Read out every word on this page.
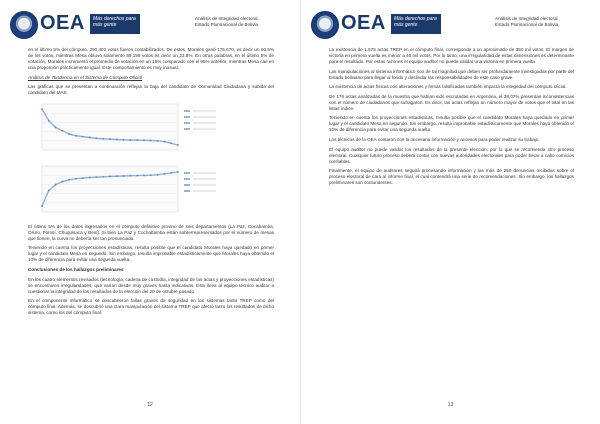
OEA	Más derechos para más gente
Análisis de Integridad electoral
Estado Plurinacional de Bolivia

en el último 5% del cómputo, 290,402 votos fueron contabilizados. De estos, Morales ganó 175,670, es decir un 60.5% de los votos, mientras Mesa obtuvo solamente 69,199 votos es decir un 23.8%. En otras palabras, en el último 5% de votación, Morales incrementó el promedio de votación en un 15% comparado con el 95% anterior, mientras Mesa cae en una proporción prácticamente igual. Este comportamiento es muy inusual.

Análisis de Tendencia en el Sistema de Cómputo Oficial

Las gráficas que se presentan a continuación reflejan la baja del candidato de Comunidad Ciudadana y subida del candidato del MAS.

El último 5% de los datos ingresados en el cómputo definitivo provino de seis departamentos (La Paz, Cocabamba, Oruro, Potosí, Chuquisaca y Beni). Si bien La Paz y Cochabamba están sobrerrepresentados por el número de mesas que tienen, la curva no debería ser tan pronunciada.

Teniendo en cuenta los proyecciones estadísticas, resulta posible que el candidato Morales haya quedado en primer lugar y el candidato Mesa en segundo. Sin embargo, resulta improbable estadísticamente que Morales haya obtenido el 10% de diferencia para evitar una segunda vuelta.

Conclusiones de los hallazgos preliminares

En los cuatro elementos revisados (tecnología, cadena de custodia, integridad de las actas y proyecciones estadísticas) se encontraron irregularidades, que varían desde muy graves hasta indicativas. Esto lleva al equipo técnico auditor a cuestionar la integridad de los resultados de la elección del 20 de octubre pasado.

En el componente informático se descubrieron fallas graves de seguridad en los sistemas tanto TREP como del cómputo final. Además, se descubrió una clara manipulación del sistema TREP que afectó tanto los resultados de dicho sistema, como los del cómputo final.

12
OEA	Más derechos para más gente
Análisis de Integridad electoral
Estado Plurinacional de Bolivia

La existencia de 1.575 actas TREP en el cómputo final, corresponde a un aproximado de 350 mil votos. El margen de victoria en primera vuelta es menor a 40 mil votos. Por lo tanto, una irregularidad de estas dimensiones es determinante para el resultado. Por estas razones el equipo auditor no puede validar una victoria en primera vuelta.

Las manipulaciones al sistema informático son de tal magnitud que deben ser profundamente investigadas por parte del Estado boliviano para llegar al fondo y deslindar las responsabilidades de este caso grave.

La existencia de actas físicas con alteraciones y firmas falsificadas también impacta la integridad del cómputo oficial.

De 176 actas analizadas de la muestra que habían sido escrutadas en Argentina, el 38,07% presentan inconsistencias con el número de ciudadanos que sufragaron. Es decir, las actas reflejan un número mayor de votos que el total en las listas índice.

Teniendo en cuenta los proyecciones estadísticas, resulta posible que el candidato Morales haya quedado en primer lugar y el candidato Mesa en segundo. Sin embargo, resulta improbable estadísticamente que Morales haya obtenido el 10% de diferencia para evitar una segunda vuelta.

Los técnicos de la OEA contaron con la necesaria información y accesos para poder realizar su trabajo.

El equipo auditor no puede validar los resultados de la presente elección, por lo que se recomienda otro proceso electoral. Cualquier futuro proceso deberá contar con nuevas autoridades electorales para poder llevar a cabo comicios confiables.

Finalmente, el equipo de auditores seguirá procesando información y las más de 250 denuncias recibidas sobre el proceso electoral de cara al informe final, el cual contendrá una serie de recomendaciones. Sin embargo, los hallazgos preliminares son contundentes.

13
